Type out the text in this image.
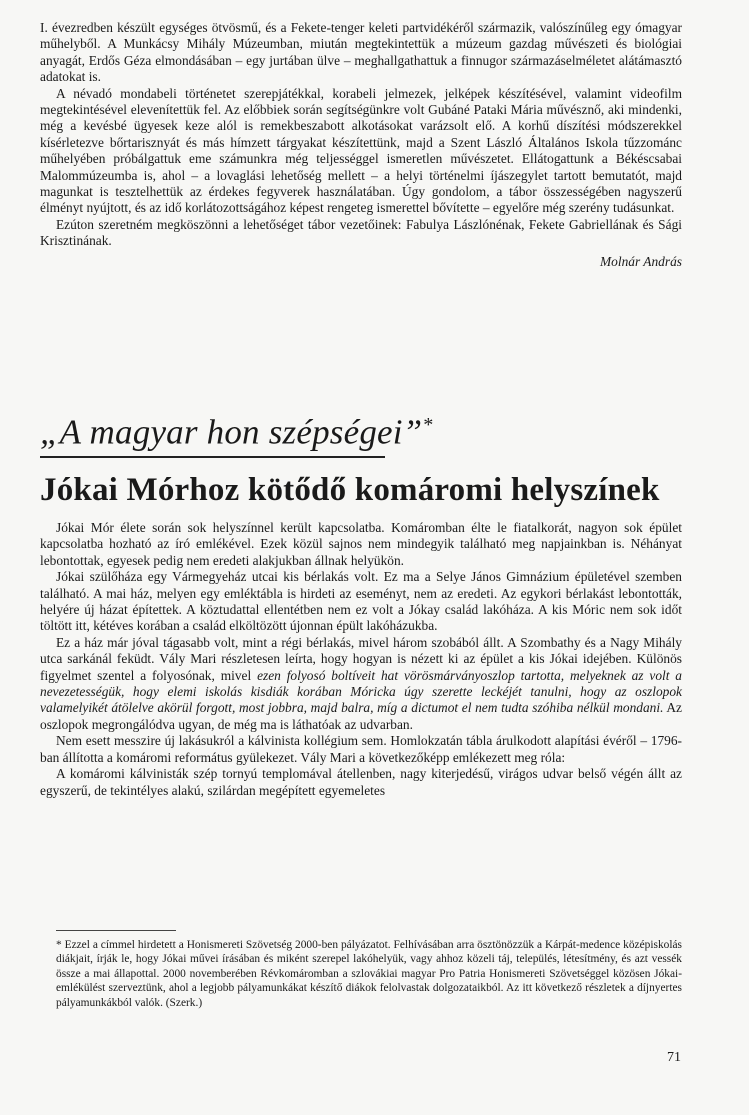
I. évezredben készült egységes ötvösmű, és a Fekete-tenger keleti partvidékéről származik, valószínűleg egy ómagyar műhelyből. A Munkácsy Mihály Múzeumban, miután megtekintettük a múzeum gazdag művészeti és biológiai anyagát, Erdős Géza elmondásában – egy jurtában ülve – meghallgathattuk a finnugor származáselméletet alátámasztó adatokat is.

A névadó mondabeli történetet szerepjátékkal, korabeli jelmezek, jelképek készítésével, valamint videofilm megtekintésével elevenítettük fel. Az előbbiek során segítségünkre volt Gubáné Pataki Mária művésznő, aki mindenki, még a kevésbé ügyesek keze alól is remekbeszabott alkotásokat varázsolt elő. A korhű díszítési módszerekkel kísérletezve bőrtarisznyát és más hímzett tárgyakat készítettünk, majd a Szent László Általános Iskola tűzzománc műhelyében próbálgattuk eme számunkra még teljességgel ismeretlen művészetet. Ellátogattunk a Békéscsabai Malommúzeumba is, ahol – a lovaglási lehetőség mellett – a helyi történelmi íjászegylet tartott bemutatót, majd magunkat is tesztelhettük az érdekes fegyverek használatában. Úgy gondolom, a tábor összességében nagyszerű élményt nyújtott, és az idő korlátozottságához képest rengeteg ismerettel bővítette – egyelőre még szerény tudásunkat.

Ezúton szeretném megköszönni a lehetőséget tábor vezetőinek: Fabulya Lászlónénak, Fekete Gabriellának és Sági Krisztinának.

Molnár András

„A magyar hon szépségei”*
Jókai Mórhoz kötődő komáromi helyszínek

Jókai Mór élete során sok helyszínnel került kapcsolatba. Komáromban élte le fiatalkorát, nagyon sok épület kapcsolatba hozható az író emlékével. Ezek közül sajnos nem mindegyik található meg napjainkban is. Néhányat lebontottak, egyesek pedig nem eredeti alakjukban állnak helyükön.

Jókai szülőháza egy Vármegyeház utcai kis bérlakás volt. Ez ma a Selye János Gimnázium épületével szemben található. A mai ház, melyen egy emléktábla is hirdeti az eseményt, nem az eredeti. Az egykori bérlakást lebontották, helyére új házat építettek. A köztudattal ellentétben nem ez volt a Jókay család lakóháza. A kis Móric nem sok időt töltött itt, kétéves korában a család elköltözött újonnan épült lakóházukba.

Ez a ház már jóval tágasabb volt, mint a régi bérlakás, mivel három szobából állt. A Szombathy és a Nagy Mihály utca sarkánál feküdt. Vály Mari részletesen leírta, hogy hogyan is nézett ki az épület a kis Jókai idejében. Különös figyelmet szentel a folyosónak, mivel ezen folyosó boltíveit hat vörösmárványoszlop tartotta, melyeknek az volt a nevezetességük, hogy elemi iskolás kisdiák korában Móricka úgy szerette leckéjét tanulni, hogy az oszlopok valamelyikét átölelve akörül forgott, most jobbra, majd balra, míg a dictumot el nem tudta szóhiba nélkül mondani. Az oszlopok megrongálódva ugyan, de még ma is láthatóak az udvarban.

Nem esett messzire új lakásukról a kálvinista kollégium sem. Homlokzatán tábla árulkodott alapítási évéről – 1796-ban állította a komáromi református gyülekezet. Vály Mari a következőképp emlékezett meg róla:

A komáromi kálvinisták szép tornyú templomával átellenben, nagy kiterjedésű, virágos udvar belső végén állt az egyszerű, de tekintélyes alakú, szilárdan megépített egyemeletes

* Ezzel a címmel hirdetett a Honismereti Szövetség 2000-ben pályázatot. Felhívásában arra ösztönözzük a Kárpát-medence középiskolás diákjait, írják le, hogy Jókai művei írásában és miként szerepel lakóhelyük, vagy ahhoz közeli táj, település, létesítmény, és azt vessék össze a mai állapottal. 2000 novemberében Révkomáromban a szlovákiai magyar Pro Patria Honismereti Szövetséggel közösen Jókai-emlékülést szerveztünk, ahol a legjobb pályamunkákat készítő diákok felolvastak dolgozataikból. Az itt következő részletek a díjnyertes pályamunkákból valók. (Szerk.)

71
